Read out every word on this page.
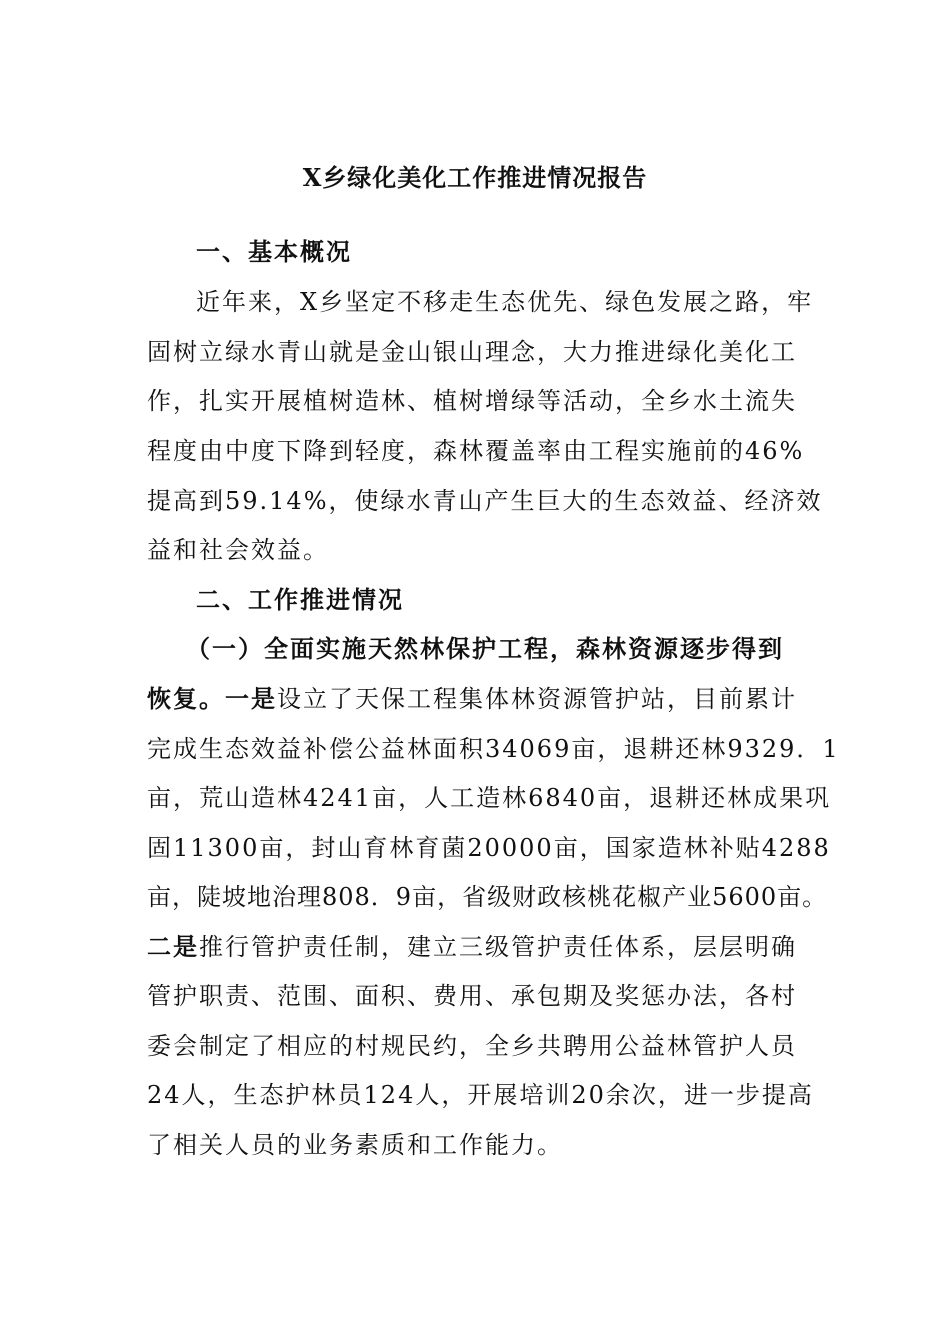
X乡绿化美化工作推进情况报告
一、基本概况
近年来，X乡坚定不移走生态优先、绿色发展之路，牢
固树立绿水青山就是金山银山理念，大力推进绿化美化工
作，扎实开展植树造林、植树增绿等活动，全乡水土流失
程度由中度下降到轻度，森林覆盖率由工程实施前的46%
提高到59.14%，使绿水青山产生巨大的生态效益、经济效
益和社会效益。
二、工作推进情况
（一）全面实施天然林保护工程，森林资源逐步得到
恢复。一是设立了天保工程集体林资源管护站，目前累计
完成生态效益补偿公益林面积34069亩，退耕还林9329．1
亩，荒山造林4241亩，人工造林6840亩，退耕还林成果巩
固11300亩，封山育林育菌20000亩，国家造林补贴4288
亩，陡坡地治理808．9亩，省级财政核桃花椒产业5600亩。
二是推行管护责任制，建立三级管护责任体系，层层明确
管护职责、范围、面积、费用、承包期及奖惩办法，各村
委会制定了相应的村规民约，全乡共聘用公益林管护人员
24人，生态护林员124人，开展培训20余次，进一步提高
了相关人员的业务素质和工作能力。
